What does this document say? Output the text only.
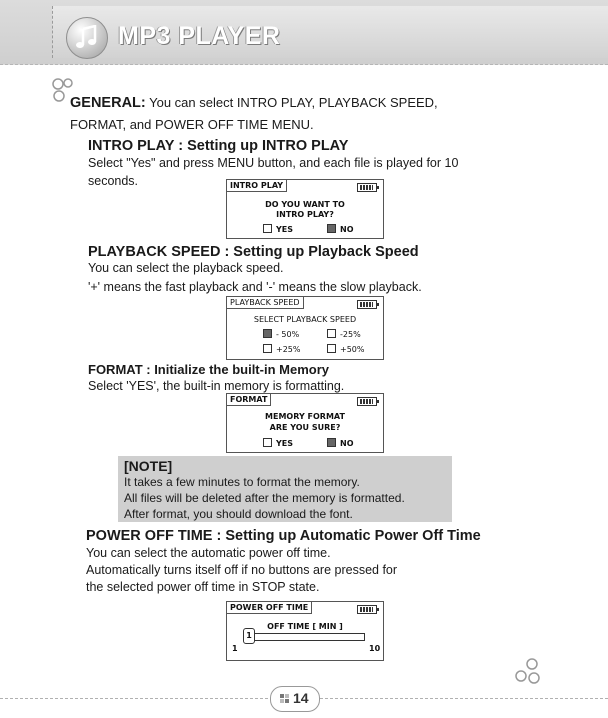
MP3 PLAYER
GENERAL: You can select INTRO PLAY, PLAYBACK SPEED,
FORMAT, and POWER OFF TIME MENU.
INTRO PLAY : Setting up INTRO PLAY
Select "Yes" and press MENU button, and each file is played for 10
seconds.	INTRO PLAY
DO YOU WANT TO
INTRO PLAY?
YES	NO
PLAYBACK SPEED : Setting up Playback Speed
You can select the playback speed.
'+' means the fast playback and '-' means the slow playback.
PLAYBACK SPEED
SELECT PLAYBACK SPEED
- 50%	-25%
+25%	+50%
FORMAT : Initialize the built-in Memory
Select 'YES', the built-in memory is formatting.
FORMAT
MEMORY FORMAT
ARE YOU SURE?
YES	NO
[NOTE]
It takes a few minutes to format the memory.
All files will be deleted after the memory is formatted.
After format, you should download the font.
POWER OFF TIME : Setting up Automatic Power Off Time
You can select the automatic power off time.
Automatically turns itself off if no buttons are pressed for
the selected power off time in STOP state.
POWER OFF TIME
OFF TIME [ MIN ]
1
1
10
14
